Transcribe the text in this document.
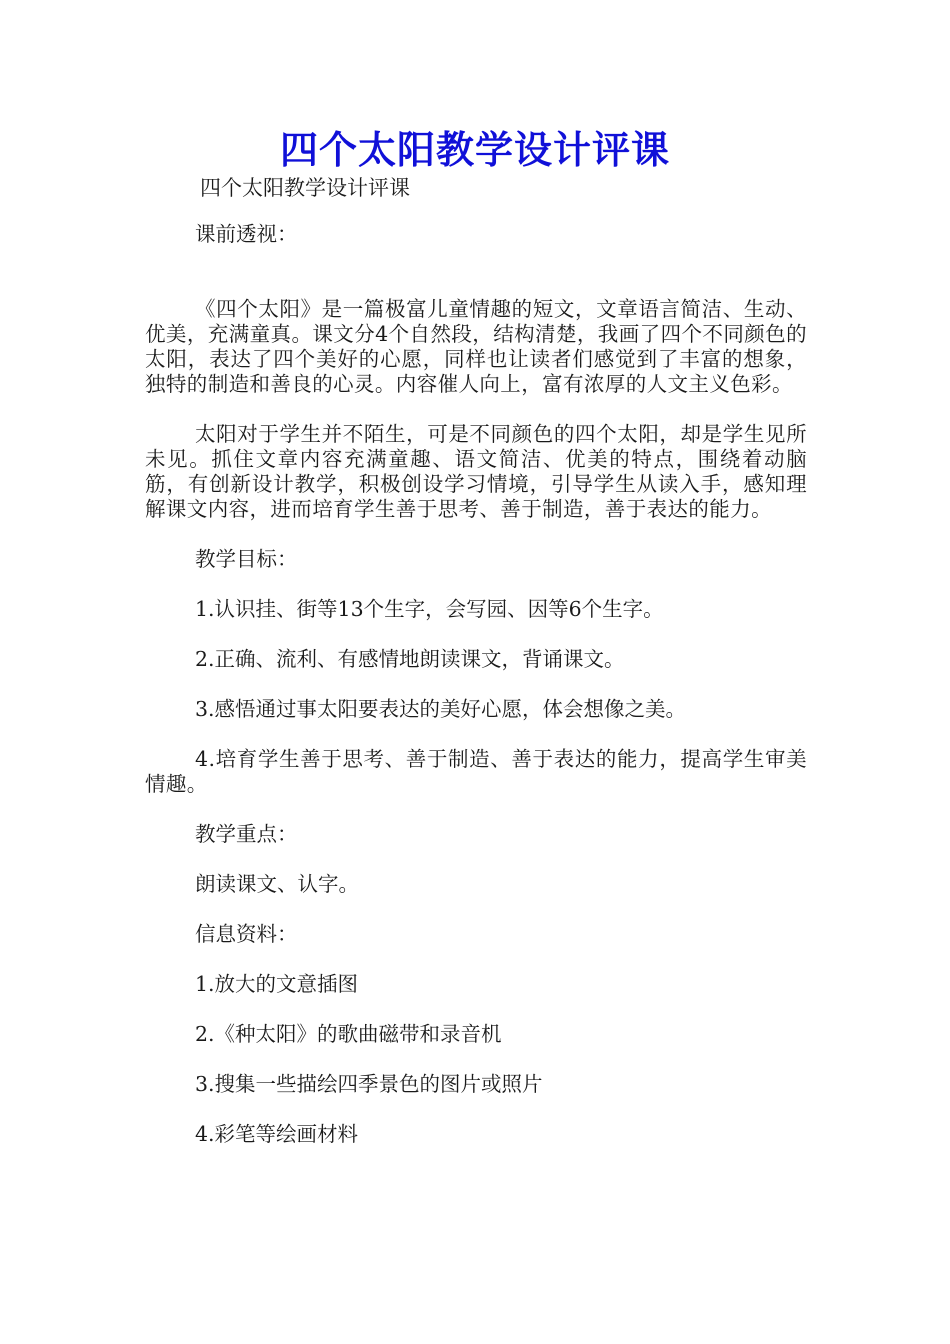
四个太阳教学设计评课
四个太阳教学设计评课

课前透视：

《四个太阳》是一篇极富儿童情趣的短文，文章语言简洁、生动、优美，充满童真。课文分4个自然段，结构清楚，我画了四个不同颜色的太阳，表达了四个美好的心愿，同样也让读者们感觉到了丰富的想象，独特的制造和善良的心灵。内容催人向上，富有浓厚的人文主义色彩。

太阳对于学生并不陌生，可是不同颜色的四个太阳，却是学生见所未见。抓住文章内容充满童趣、语文简洁、优美的特点，围绕着动脑筋，有创新设计教学，积极创设学习情境，引导学生从读入手，感知理解课文内容，进而培育学生善于思考、善于制造，善于表达的能力。

教学目标：

1.认识挂、街等13个生字，会写园、因等6个生字。

2.正确、流利、有感情地朗读课文，背诵课文。

3.感悟通过事太阳要表达的美好心愿，体会想像之美。

4.培育学生善于思考、善于制造、善于表达的能力，提高学生审美情趣。

教学重点：

朗读课文、认字。

信息资料：

1.放大的文意插图

2.《种太阳》的歌曲磁带和录音机

3.搜集一些描绘四季景色的图片或照片

4.彩笔等绘画材料
